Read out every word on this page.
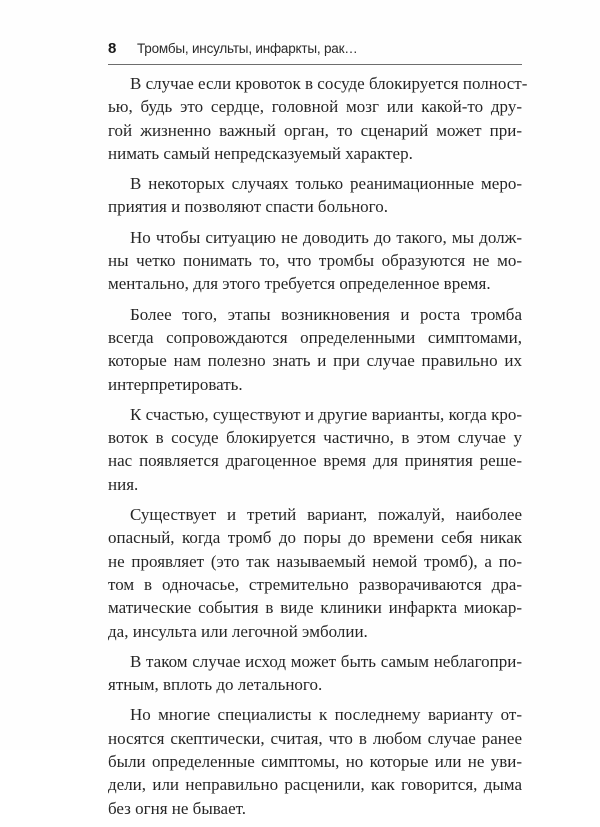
8 Тромбы, инсульты, инфаркты, рак…

В случае если кровоток в сосуде блокируется полност-
ью, будь это сердце, головной мозг или какой-то дру-
гой жизненно важный орган, то сценарий может при-
нимать самый непредсказуемый характер.

В некоторых случаях только реанимационные меро-
приятия и позволяют спасти больного.

Но чтобы ситуацию не доводить до такого, мы долж-
ны четко понимать то, что тромбы образуются не мо-
ментально, для этого требуется определенное время.

Более того, этапы возникновения и роста тромба
всегда сопровождаются определенными симптомами,
которые нам полезно знать и при случае правильно их
интерпретировать.

К счастью, существуют и другие варианты, когда кро-
воток в сосуде блокируется частично, в этом случае у
нас появляется драгоценное время для принятия реше-
ния.

Существует и третий вариант, пожалуй, наиболее
опасный, когда тромб до поры до времени себя никак
не проявляет (это так называемый немой тромб), а по-
том в одночасье, стремительно разворачиваются дра-
матические события в виде клиники инфаркта миокар-
да, инсульта или легочной эмболии.

В таком случае исход может быть самым неблагопри-
ятным, вплоть до летального.

Но многие специалисты к последнему варианту от-
носятся скептически, считая, что в любом случае ранее
были определенные симптомы, но которые или не уви-
дели, или неправильно расценили, как говорится, дыма
без огня не бывает.
